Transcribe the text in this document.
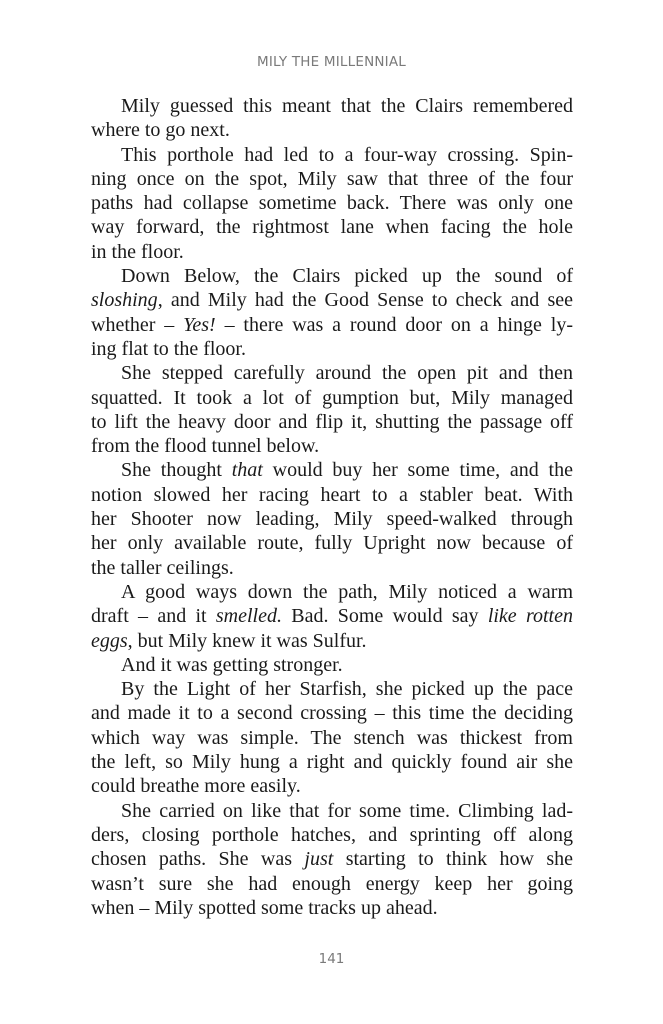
MILY THE MILLENNIAL
Mily guessed this meant that the Clairs remembered
where to go next.
This porthole had led to a four-way crossing. Spin-
ning once on the spot, Mily saw that three of the four
paths had collapse sometime back. There was only one
way forward, the rightmost lane when facing the hole
in the floor.
Down Below, the Clairs picked up the sound of
sloshing, and Mily had the Good Sense to check and see
whether – Yes! – there was a round door on a hinge ly-
ing flat to the floor.
She stepped carefully around the open pit and then
squatted. It took a lot of gumption but, Mily managed
to lift the heavy door and flip it, shutting the passage off
from the flood tunnel below.
She thought that would buy her some time, and the
notion slowed her racing heart to a stabler beat. With
her Shooter now leading, Mily speed-walked through
her only available route, fully Upright now because of
the taller ceilings.
A good ways down the path, Mily noticed a warm
draft – and it smelled. Bad. Some would say like rotten
eggs, but Mily knew it was Sulfur.
And it was getting stronger.
By the Light of her Starfish, she picked up the pace
and made it to a second crossing – this time the deciding
which way was simple. The stench was thickest from
the left, so Mily hung a right and quickly found air she
could breathe more easily.
She carried on like that for some time. Climbing lad-
ders, closing porthole hatches, and sprinting off along
chosen paths. She was just starting to think how she
wasn’t sure she had enough energy keep her going
when – Mily spotted some tracks up ahead.
141
